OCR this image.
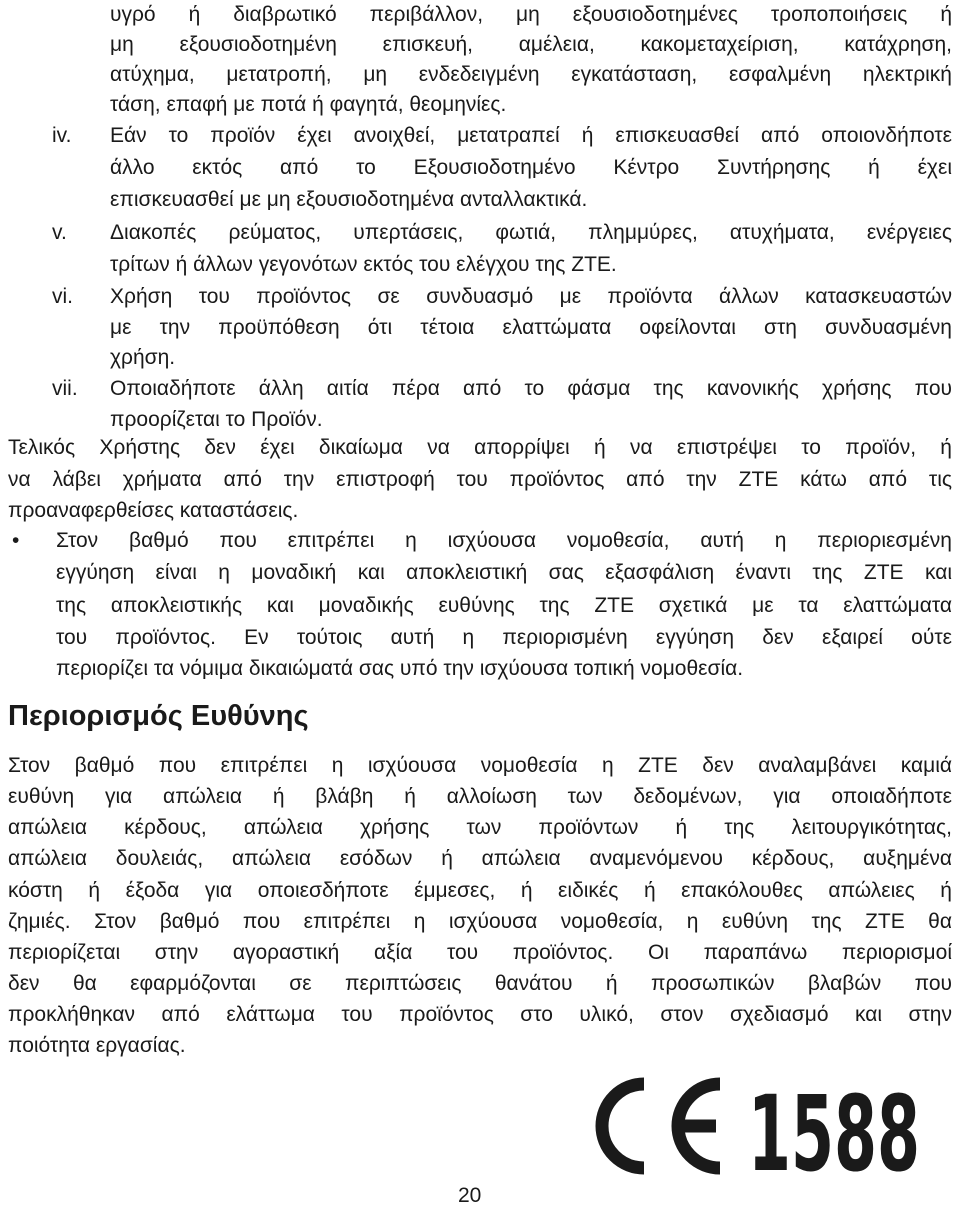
υγρό ή διαβρωτικό περιβάλλον, μη εξουσιοδοτημένες τροποποιήσεις ή
μη εξουσιοδοτημένη επισκευή, αμέλεια, κακομεταχείριση, κατάχρηση,
ατύχημα, μετατροπή, μη ενδεδειγμένη εγκατάσταση, εσφαλμένη ηλεκτρική
τάση, επαφή με ποτά ή φαγητά, θεομηνίες.
iv. Εάν το προϊόν έχει ανοιχθεί, μετατραπεί ή επισκευασθεί από οποιονδήποτε
άλλο εκτός από το Εξουσιοδοτημένο Κέντρο Συντήρησης ή έχει
επισκευασθεί με μη εξουσιοδοτημένα ανταλλακτικά.
v. Διακοπές ρεύματος, υπερτάσεις, φωτιά, πλημμύρες, ατυχήματα, ενέργειες
τρίτων ή άλλων γεγονότων εκτός του ελέγχου της ZTE.
vi. Χρήση του προϊόντος σε συνδυασμό με προϊόντα άλλων κατασκευαστών
με την προϋπόθεση ότι τέτοια ελαττώματα οφείλονται στη συνδυασμένη
χρήση.
vii. Οποιαδήποτε άλλη αιτία πέρα από το φάσμα της κανονικής χρήσης που
προορίζεται το Προϊόν.
Τελικός Χρήστης δεν έχει δικαίωμα να απορρίψει ή να επιστρέψει το προϊόν, ή
να λάβει χρήματα από την επιστροφή του προϊόντος από την ZTE κάτω από τις
προαναφερθείσες καταστάσεις.
• Στον βαθμό που επιτρέπει η ισχύουσα νομοθεσία, αυτή η περιοριεσμένη
εγγύηση είναι η μοναδική και αποκλειστική σας εξασφάλιση έναντι της ZTE και
της αποκλειστικής και μοναδικής ευθύνης της ZTE σχετικά με τα ελαττώματα
του προϊόντος. Εν τούτοις αυτή η περιορισμένη εγγύηση δεν εξαιρεί ούτε
περιορίζει τα νόμιμα δικαιώματά σας υπό την ισχύουσα τοπική νομοθεσία.
Περιορισμός Ευθύνης
Στον βαθμό που επιτρέπει η ισχύουσα νομοθεσία η ZTE δεν αναλαμβάνει καμιά
ευθύνη για απώλεια ή βλάβη ή αλλοίωση των δεδομένων, για οποιαδήποτε
απώλεια κέρδους, απώλεια χρήσης των προϊόντων ή της λειτουργικότητας,
απώλεια δουλειάς, απώλεια εσόδων ή απώλεια αναμενόμενου κέρδους, αυξημένα
κόστη ή έξοδα για οποιεσδήποτε έμμεσες, ή ειδικές ή επακόλουθες απώλειες ή
ζημιές. Στον βαθμό που επιτρέπει η ισχύουσα νομοθεσία, η ευθύνη της ZTE θα
περιορίζεται στην αγοραστική αξία του προϊόντος. Οι παραπάνω περιορισμοί
δεν θα εφαρμόζονται σε περιπτώσεις θανάτου ή προσωπικών βλαβών που
προκλήθηκαν από ελάττωμα του προϊόντος στο υλικό, στον σχεδιασμό και στην
ποιότητα εργασίας.
1588
20
